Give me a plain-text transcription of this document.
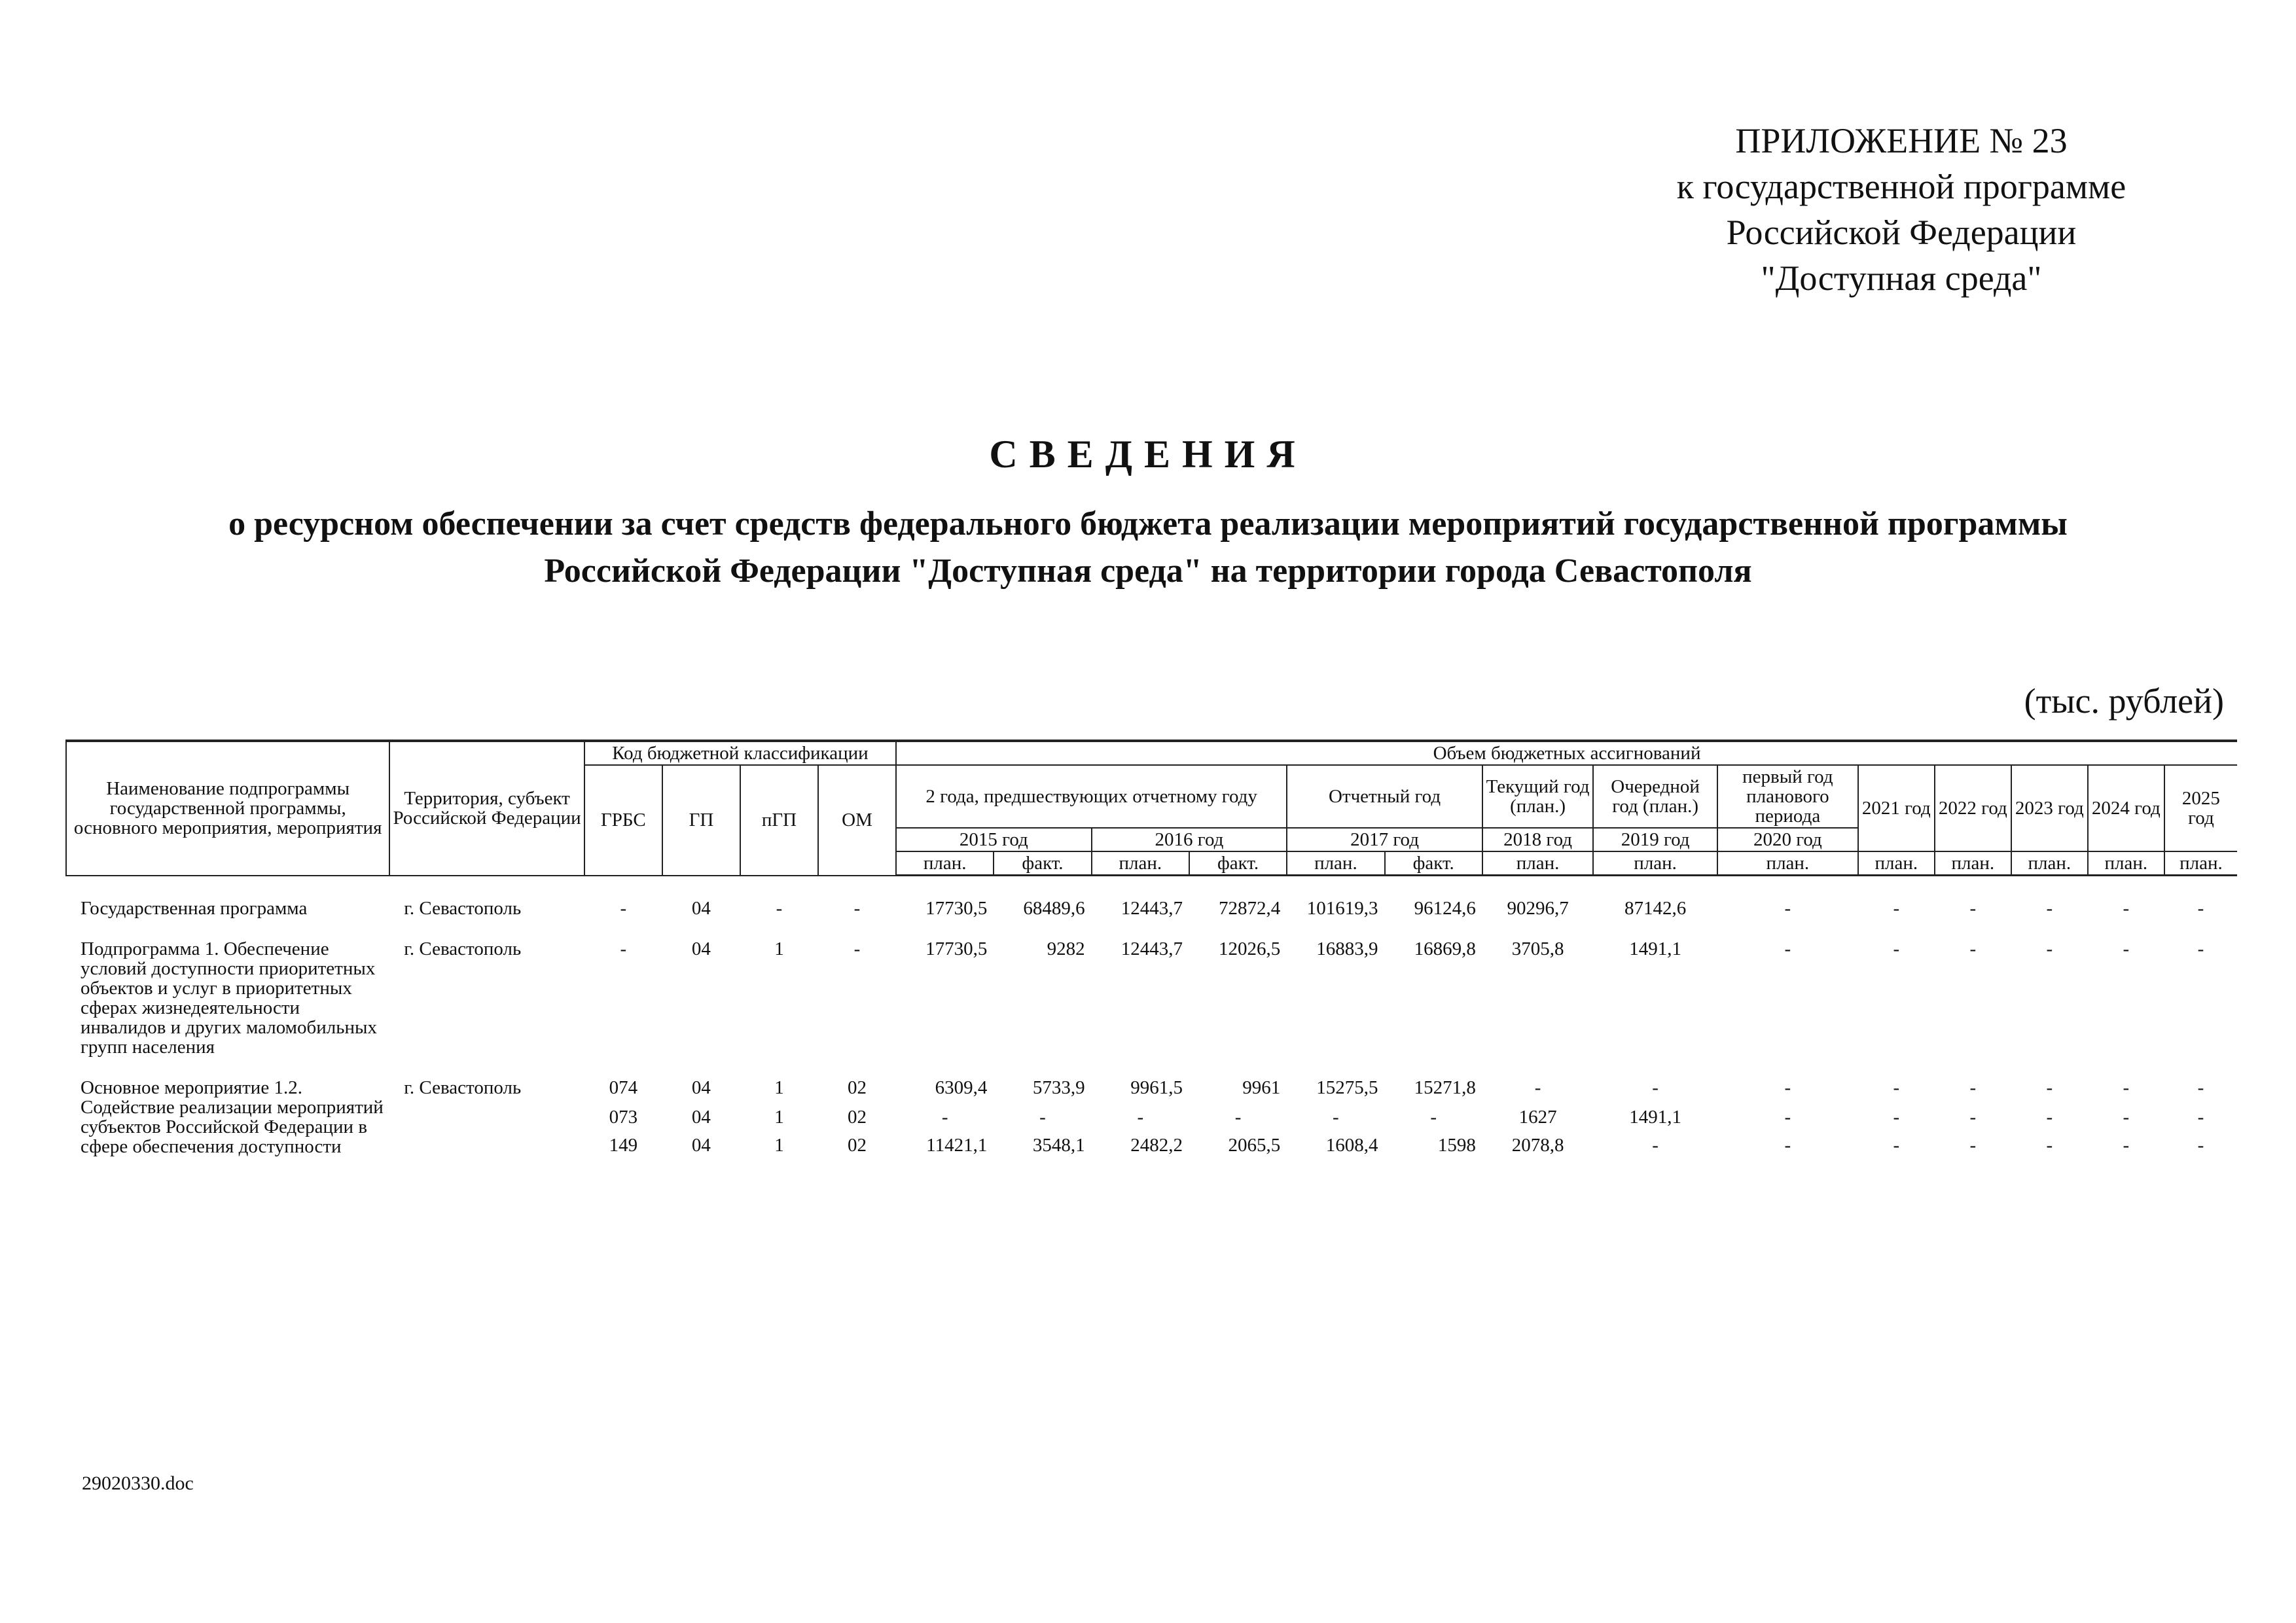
ПРИЛОЖЕНИЕ № 23
к государственной программе
Российской Федерации
"Доступная среда"
СВЕДЕНИЯ
о ресурсном обеспечении за счет средств федерального бюджета реализации мероприятий государственной программы
Российской Федерации "Доступная среда" на территории города Севастополя
(тыс. рублей)
Наименование подпрограммы государственной программы, основного мероприятия, мероприятия	Территория, субъект Российской Федерации	Код бюджетной классификации				Объем бюджетных ассигнований													
		ГРБС	ГП	пГП	ОМ	2 года, предшествующих отчетному году				Отчетный год		Текущий год (план.)	Очередной год (план.)	первый год планового периода	2021 год	2022 год	2023 год	2024 год	2025 год
						2015 год		2016 год		2017 год		2018 год	2019 год	2020 год					
						план.	факт.	план.	факт.	план.	факт.	план.	план.	план.	план.	план.	план.	план.	план.
Государственная программа	г. Севастополь	-	04	-	-	17730,5	68489,6	12443,7	72872,4	101619,3	96124,6	90296,7	87142,6	-	-	-	-	-	-
Подпрограмма 1. Обеспечение условий доступности приоритетных объектов и услуг в приоритетных сферах жизнедеятельности инвалидов и других маломобильных групп населения	г. Севастополь	-	04	1	-	17730,5	9282	12443,7	12026,5	16883,9	16869,8	3705,8	1491,1	-	-	-	-	-	-
Основное мероприятие 1.2. Содействие реализации мероприятий субъектов Российской Федерации в сфере обеспечения доступности	г. Севастополь	074	04	1	02	6309,4	5733,9	9961,5	9961	15275,5	15271,8	-	-	-	-	-	-	-	-
		073	04	1	02	-	-	-	-	-	-	1627	1491,1	-	-	-	-	-	-
		149	04	1	02	11421,1	3548,1	2482,2	2065,5	1608,4	1598	2078,8	-	-	-	-	-	-	-
29020330.doc
